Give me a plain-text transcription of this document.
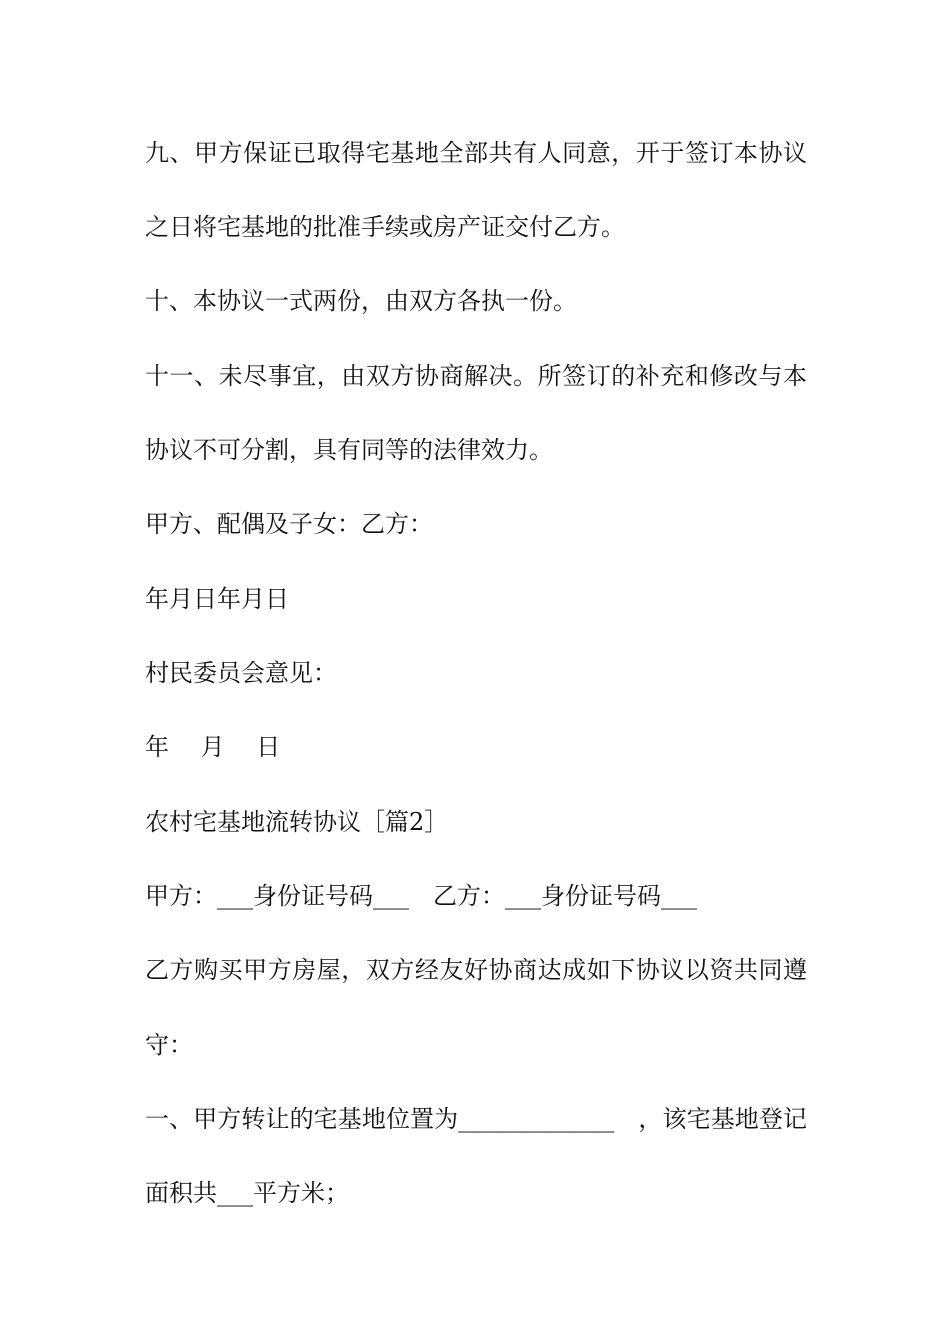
九、甲方保证已取得宅基地全部共有人同意，开于签订本协议

之日将宅基地的批准手续或房产证交付乙方。

十、本协议一式两份，由双方各执一份。

十一、未尽事宜，由双方协商解决。所签订的补充和修改与本

协议不可分割，具有同等的法律效力。

甲方、配偶及子女：乙方：

年月日年月日

村民委员会意见：

年　 月　 日

农村宅基地流转协议［篇2］

甲方：___身份证号码___　乙方：___身份证号码___

乙方购买甲方房屋，双方经友好协商达成如下协议以资共同遵

守：

一、甲方转让的宅基地位置为_____________　，该宅基地登记

面积共___平方米；
